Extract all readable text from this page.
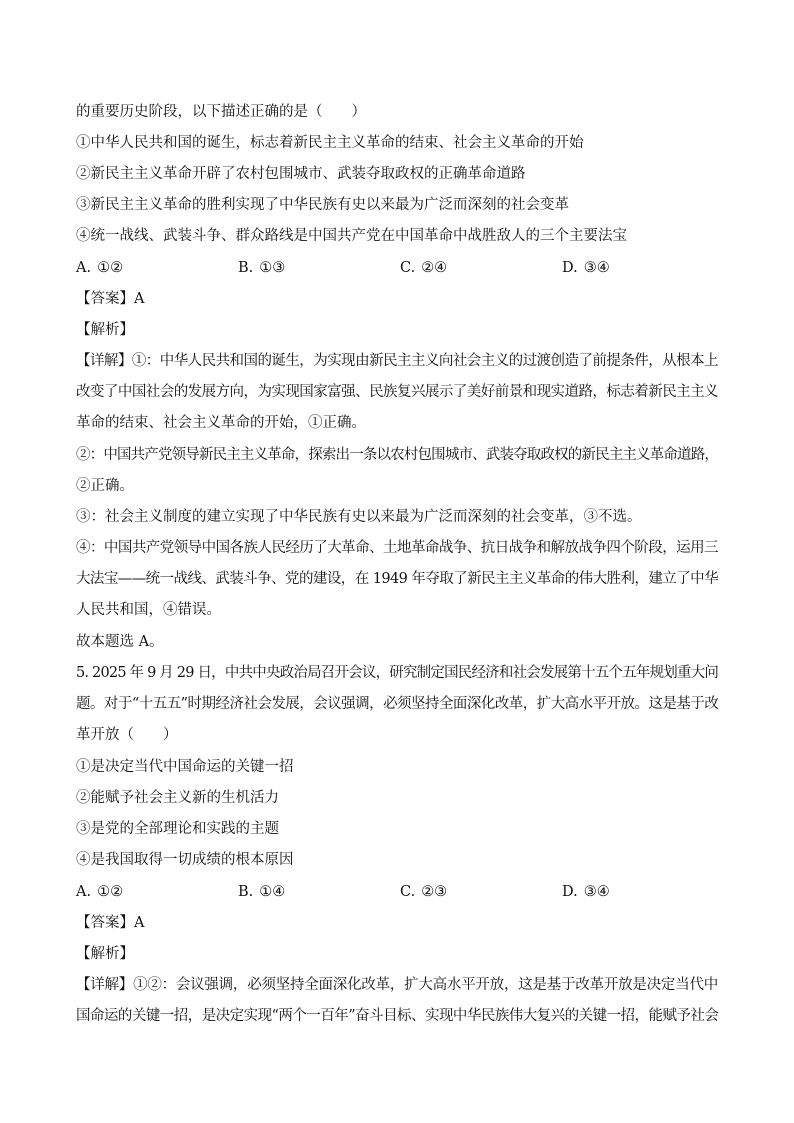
的重要历史阶段，以下描述正确的是（　　）
①中华人民共和国的诞生，标志着新民主主义革命的结束、社会主义革命的开始
②新民主主义革命开辟了农村包围城市、武装夺取政权的正确革命道路
③新民主主义革命的胜利实现了中华民族有史以来最为广泛而深刻的社会变革
④统一战线、武装斗争、群众路线是中国共产党在中国革命中战胜敌人的三个主要法宝
A. ①②	B. ①③	C. ②④	D. ③④
【答案】A
【解析】
【详解】①：中华人民共和国的诞生，为实现由新民主主义向社会主义的过渡创造了前提条件，从根本上
改变了中国社会的发展方向，为实现国家富强、民族复兴展示了美好前景和现实道路，标志着新民主主义
革命的结束、社会主义革命的开始，①正确。
②：中国共产党领导新民主主义革命，探索出一条以农村包围城市、武装夺取政权的新民主主义革命道路，
②正确。
③：社会主义制度的建立实现了中华民族有史以来最为广泛而深刻的社会变革，③不选。
④：中国共产党领导中国各族人民经历了大革命、土地革命战争、抗日战争和解放战争四个阶段，运用三
大法宝——统一战线、武装斗争、党的建设，在 1949 年夺取了新民主主义革命的伟大胜利，建立了中华
人民共和国，④错误。
故本题选 A。
5. 2025 年 9 月 29 日，中共中央政治局召开会议，研究制定国民经济和社会发展第十五个五年规划重大问
题。对于“十五五”时期经济社会发展，会议强调，必须坚持全面深化改革，扩大高水平开放。这是基于改
革开放（　　）
①是决定当代中国命运的关键一招
②能赋予社会主义新的生机活力
③是党的全部理论和实践的主题
④是我国取得一切成绩的根本原因
A. ①②	B. ①④	C. ②③	D. ③④
【答案】A
【解析】
【详解】①②：会议强调，必须坚持全面深化改革，扩大高水平开放，这是基于改革开放是决定当代中
国命运的关键一招，是决定实现“两个一百年”奋斗目标、实现中华民族伟大复兴的关键一招，能赋予社会
